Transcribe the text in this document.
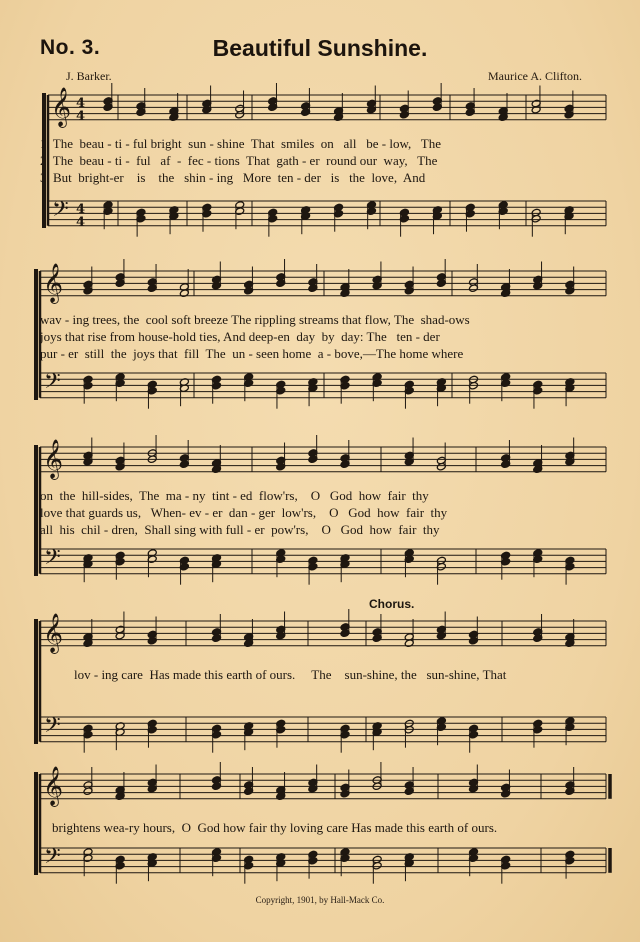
No. 3.	Beautiful Sunshine.
J. Barker.	Maurice A. Clifton.
𝄞
𝄢
4
4
4
4
𝄞
𝄢
𝄞
𝄢
𝄞
𝄢
𝄞
𝄢
1. The  beau - ti - ful bright  sun - shine  That  smiles  on   all   be - low,   The
2. The  beau - ti -  ful   af  -  fec - tions  That  gath - er  round our  way,   The
3. But  bright-er    is    the   shin - ing   More  ten - der   is   the  love,  And
wav - ing trees, the  cool soft breeze The rippling streams that flow, The  shad-ows
joys that rise from house-hold ties, And deep-en  day  by  day: The   ten - der
pur - er  still  the  joys that  fill  The  un - seen home  a - bove,—The home where
on  the  hill-sides,  The  ma - ny  tint - ed  flow'rs,    O   God  how  fair  thy
love that guards us,   When- ev - er  dan - ger  low'rs,    O   God  how  fair  thy
all  his  chil - dren,  Shall sing with full - er  pow'rs,    O   God  how  fair  thy
Chorus.
lov - ing care  Has made this earth of ours.     The    sun-shine, the   sun-shine, That
brightens wea-ry hours,  O  God how fair thy loving care Has made this earth of ours.
Copyright, 1901, by Hall-Mack Co.
